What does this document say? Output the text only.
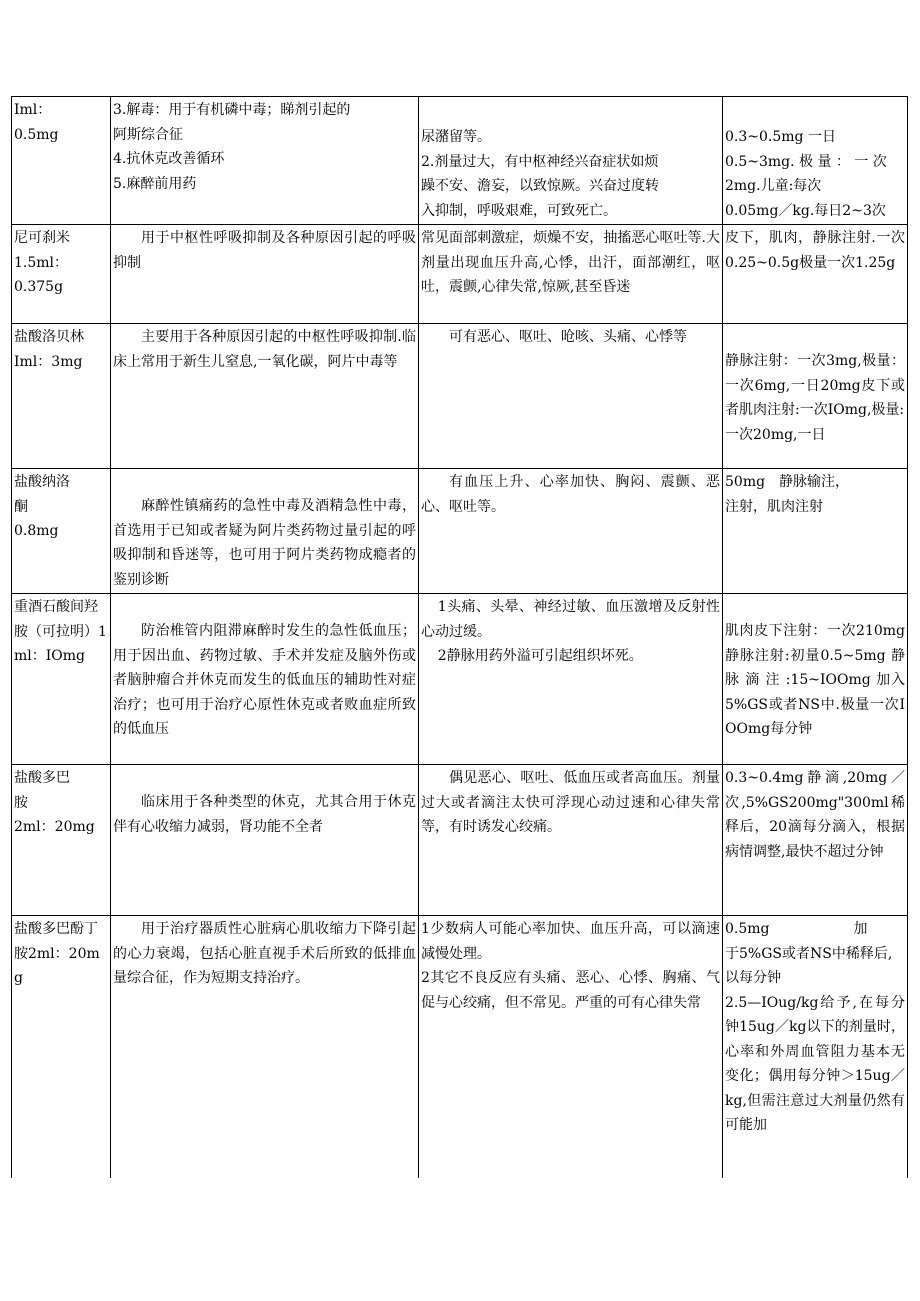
Iml：
0.5mg	3.解毒：用于有机磷中毒；睇剂引起的
阿斯综合征
4.抗休克改善循环
5.麻醉前用药	尿潴留等。
2.剂量过大，有中枢神经兴奋症状如烦
躁不安、澹妄，以致惊厥。兴奋过度转
入抑制，呼吸艰难，可致死亡。	0.3~0.5mg 一日
0.5~3mg. 极 量 ： 一 次
2mg.儿童:每次
0.05mg／kg.每日2~3次

尼可刹米
1.5ml：
0.375g	用于中枢性呼吸抑制及各种原因引起的呼吸抑制	常见面部刺激症，烦燥不安，抽搐恶心呕吐等.大剂量出现血压升高,心悸，出汗，面部潮红，呕吐，震颤,心律失常,惊厥,甚至昏迷	皮下，肌肉，静脉注射.一次0.25~0.5g极量一次1.25g

盐酸洛贝林
Iml：3mg	主要用于各种原因引起的中枢性呼吸抑制.临床上常用于新生儿窒息,一氧化碳，阿片中毒等	可有恶心、呕吐、呛咳、头痛、心悸等	静脉注射：一次3mg,极量：一次6mg,一日20mg皮下或者肌肉注射:一次IOmg,极量:
一次20mg,一日

盐酸纳洛
酮
0.8mg	麻醉性镇痛药的急性中毒及酒精急性中毒，首选用于已知或者疑为阿片类药物过量引起的呼吸抑制和昏迷等，也可用于阿片类药物成瘾者的鉴别诊断	有血压上升、心率加快、胸闷、震颤、恶心、呕吐等。	50mg　静脉输注，
注射，肌肉注射

重酒石酸间羟胺（可拉明）1ml：IOmg	防治椎管内阻滞麻醉时发生的急性低血压；用于因出血、药物过敏、手术并发症及脑外伤或者脑肿瘤合并休克而发生的低血压的辅助性对症治疗；也可用于治疗心原性休克或者败血症所致的低血压	1头痛、头晕、神经过敏、血压激增及反射性心动过缓。
2静脉用药外溢可引起组织坏死。	肌肉皮下注射：一次210mg静脉注射:初量0.5~5mg 静 脉 滴 注 :15~IOOmg 加入5%GS或者NS中.极量一次IOOmg每分钟

盐酸多巴
胺
2ml：20mg	临床用于各种类型的休克，尤其合用于休克伴有心收缩力减弱，肾功能不全者	偶见恶心、呕吐、低血压或者高血压。剂量过大或者滴注太快可浮现心动过速和心律失常等，有时诱发心绞痛。	0.3~0.4mg静滴,20mg／次,5%GS200mg"300ml稀释后，20滴每分滴入，根据病情调整,最快不超过分钟

盐酸多巴酚丁胺2ml：20mg	用于治疗器质性心脏病心肌收缩力下降引起的心力衰竭，包括心脏直视手术后所致的低排血量综合征，作为短期支持治疗。	1少数病人可能心率加快、血压升高，可以滴速减慢处理。
2其它不良反应有头痛、恶心、心悸、胸痛、气促与心绞痛，但不常见。严重的可有心律失常	0.5mg　　　　　　加
于5%GS或者NS中稀释后,以每分钟
2.5—IOug/kg给予,在每分钟15ug／kg以下的剂量时，心率和外周血管阻力基本无变化；偶用每分钟＞15ug／kg,但需注意过大剂量仍然有可能加
